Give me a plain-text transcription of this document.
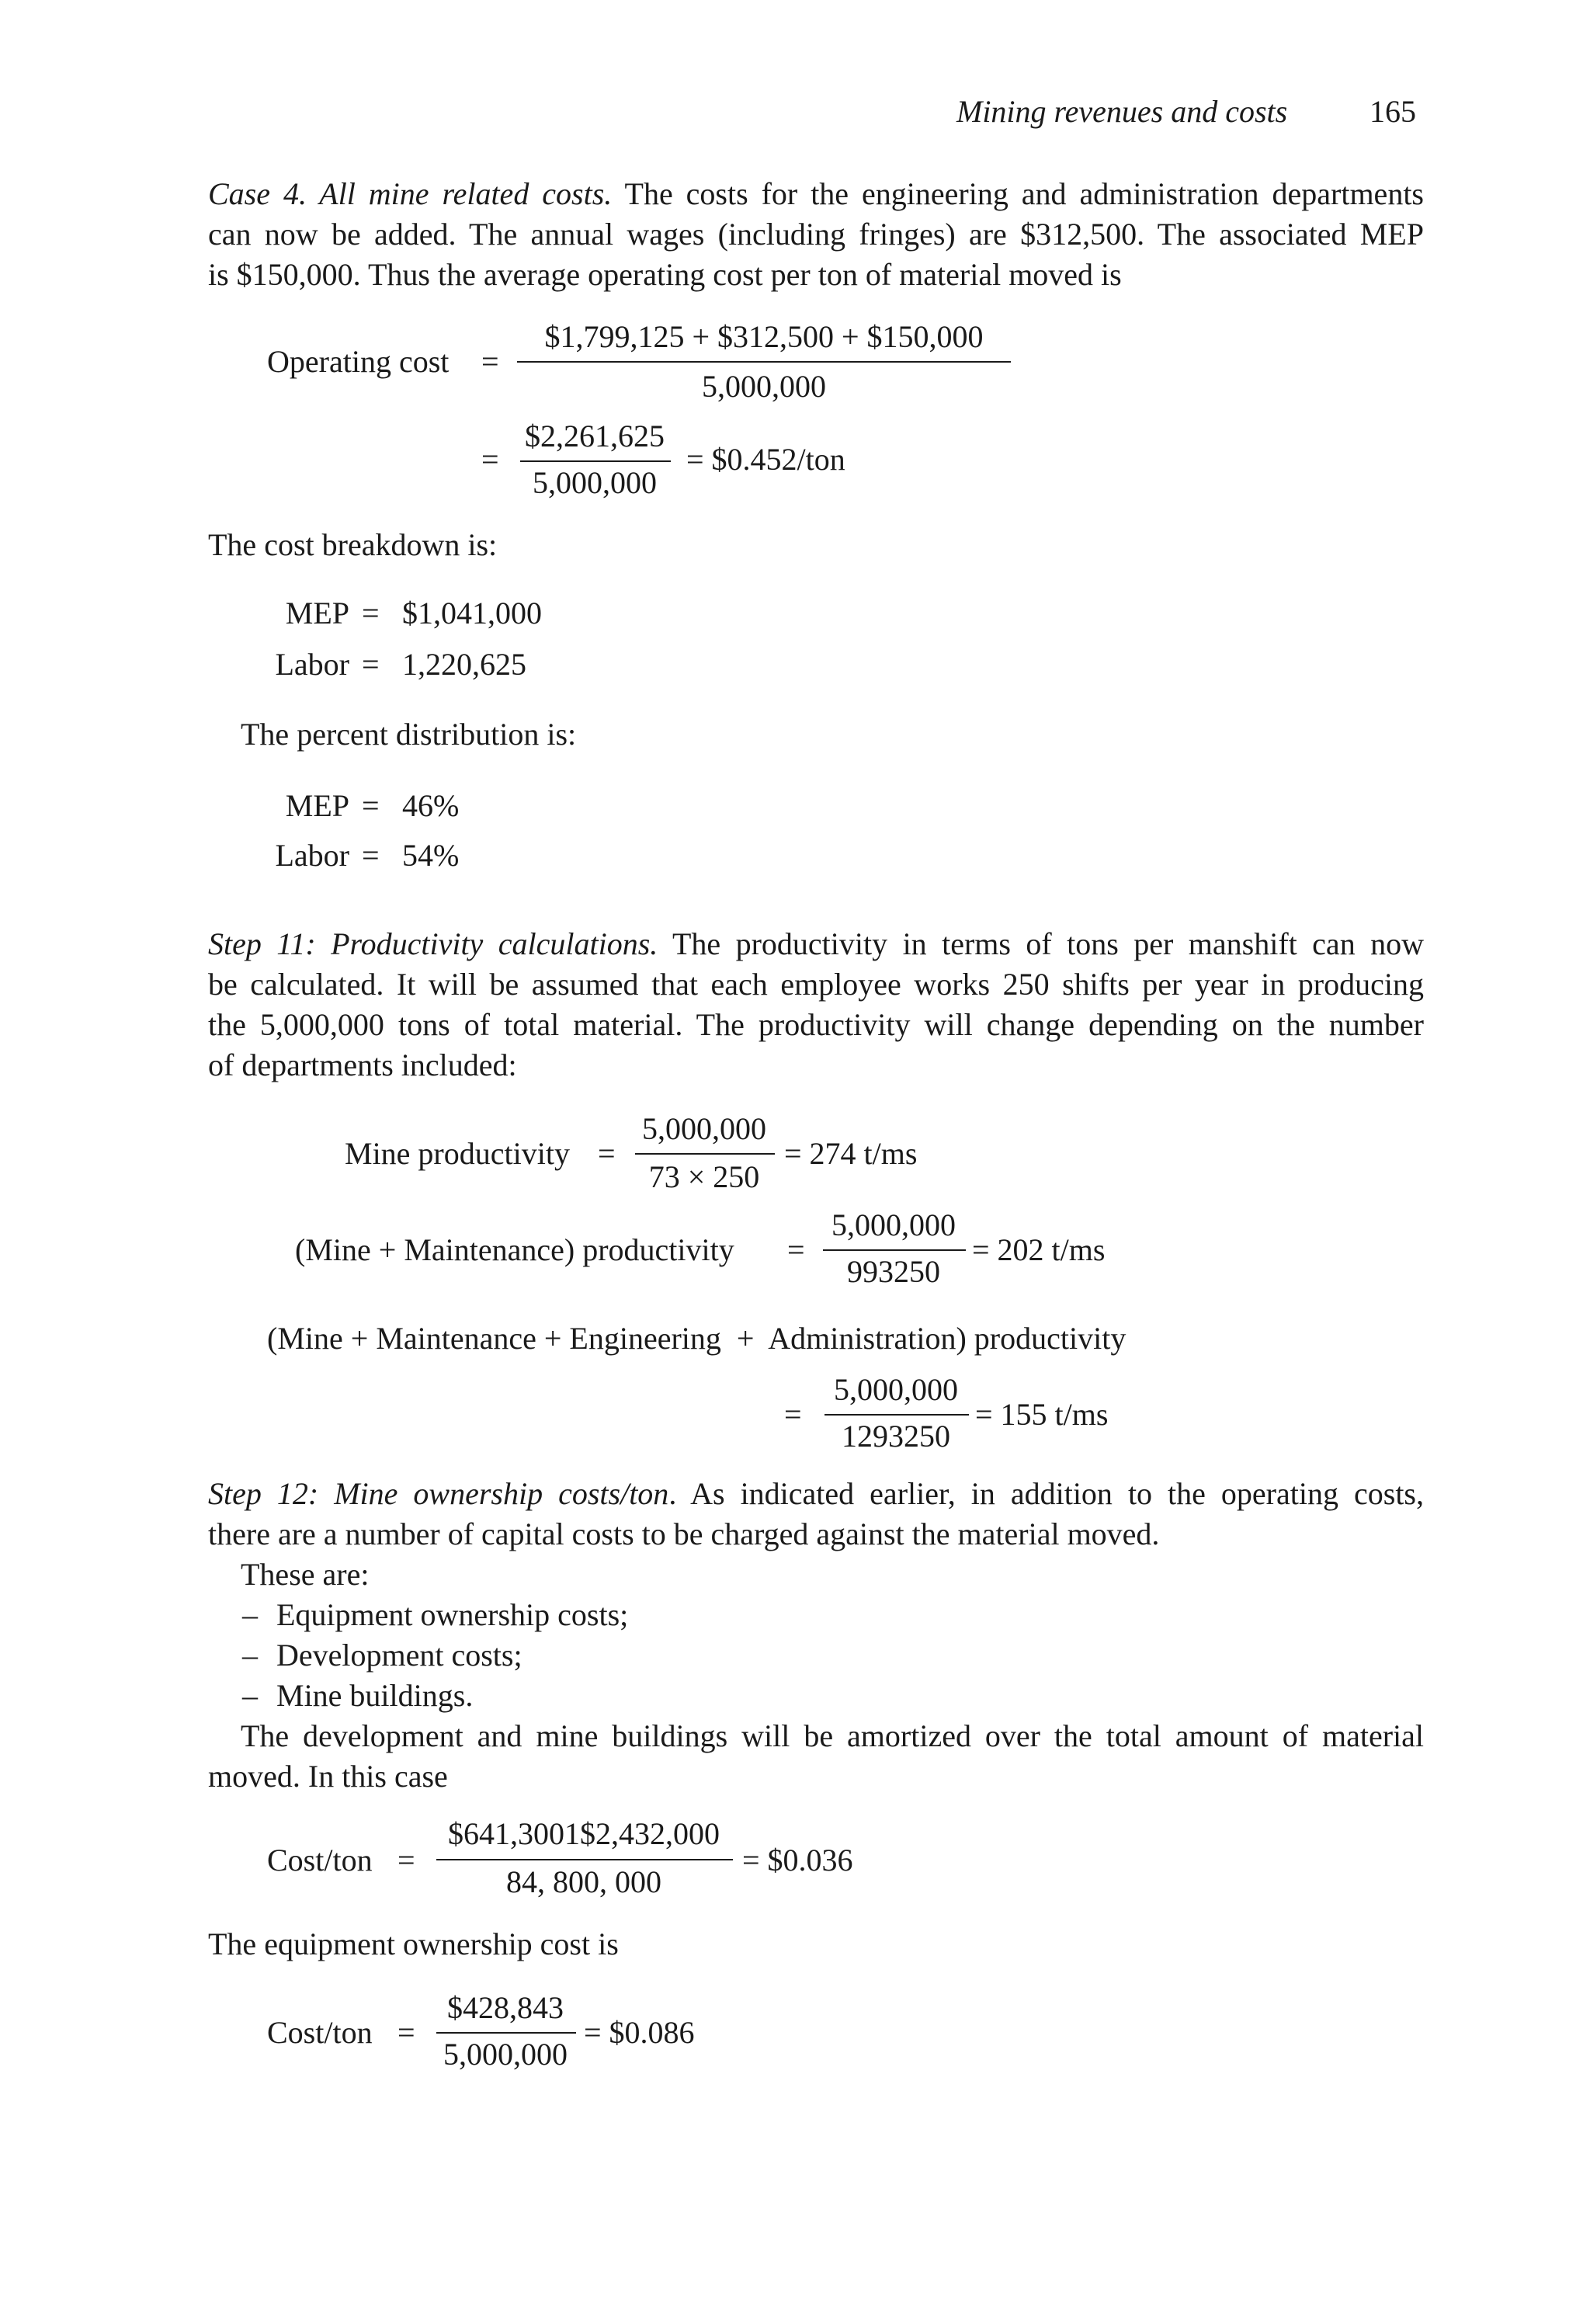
Mining revenues and costs	165
Case 4. All mine related costs. The costs for the engineering and administration departments
can now be added. The annual wages (including fringes) are $312,500. The associated MEP
is $150,000. Thus the average operating cost per ton of material moved is
Operating cost =
$1,799,125 + $312,500 + $150,000
5,000,000
=
$2,261,625
5,000,000
= $0.452/ton
The cost breakdown is:
MEP = $1,041,000
Labor = 1,220,625
The percent distribution is:
MEP = 46%
Labor = 54%
Step 11: Productivity calculations. The productivity in terms of tons per manshift can now
be calculated. It will be assumed that each employee works 250 shifts per year in producing
the 5,000,000 tons of total material. The productivity will change depending on the number
of departments included:
Mine productivity =
5,000,000
73 × 250
= 274 t/ms
(Mine + Maintenance) productivity =
5,000,000
993250
= 202 t/ms
(Mine + Maintenance + Engineering  +  Administration) productivity
=
5,000,000
1293250
= 155 t/ms
Step 12: Mine ownership costs/ton. As indicated earlier, in addition to the operating costs,
there are a number of capital costs to be charged against the material moved.
These are:
– Equipment ownership costs;
– Development costs;
– Mine buildings.
The development and mine buildings will be amortized over the total amount of material
moved. In this case
Cost/ton =
$641,3001$2,432,000
84, 800, 000
= $0.036
The equipment ownership cost is
Cost/ton =
$428,843
5,000,000
= $0.086
